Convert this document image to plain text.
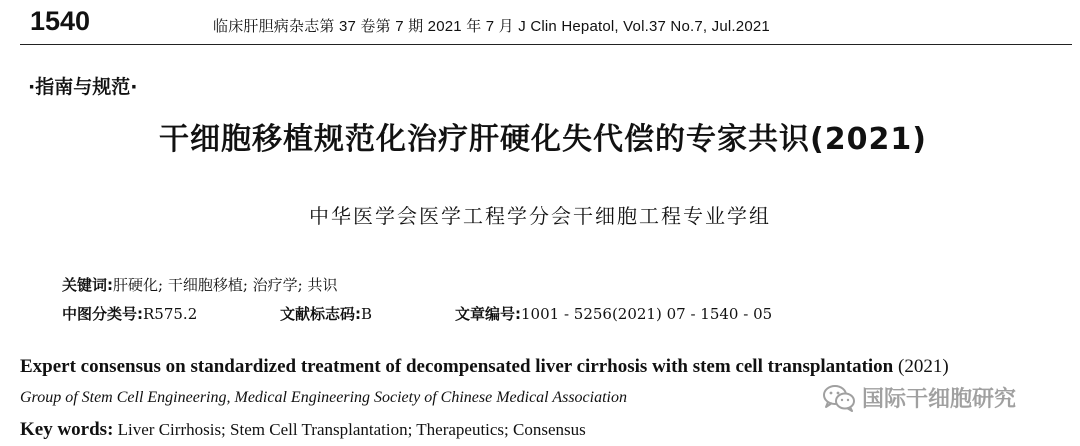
1540	临床肝胆病杂志第 37 卷第 7 期 2021 年 7 月 J Clin Hepatol, Vol.37 No.7, Jul.2021
·指南与规范·
干细胞移植规范化治疗肝硬化失代偿的专家共识(2021)
中华医学会医学工程学分会干细胞工程专业学组
关键词:肝硬化; 干细胞移植; 治疗学; 共识
中图分类号:R575.2	文献标志码:B	文章编号:1001 - 5256(2021) 07 - 1540 - 05
Expert consensus on standardized treatment of decompensated liver cirrhosis with stem cell transplantation (2021)
Group of Stem Cell Engineering, Medical Engineering Society of Chinese Medical Association
Key words: Liver Cirrhosis; Stem Cell Transplantation; Therapeutics; Consensus
国际干细胞研究
